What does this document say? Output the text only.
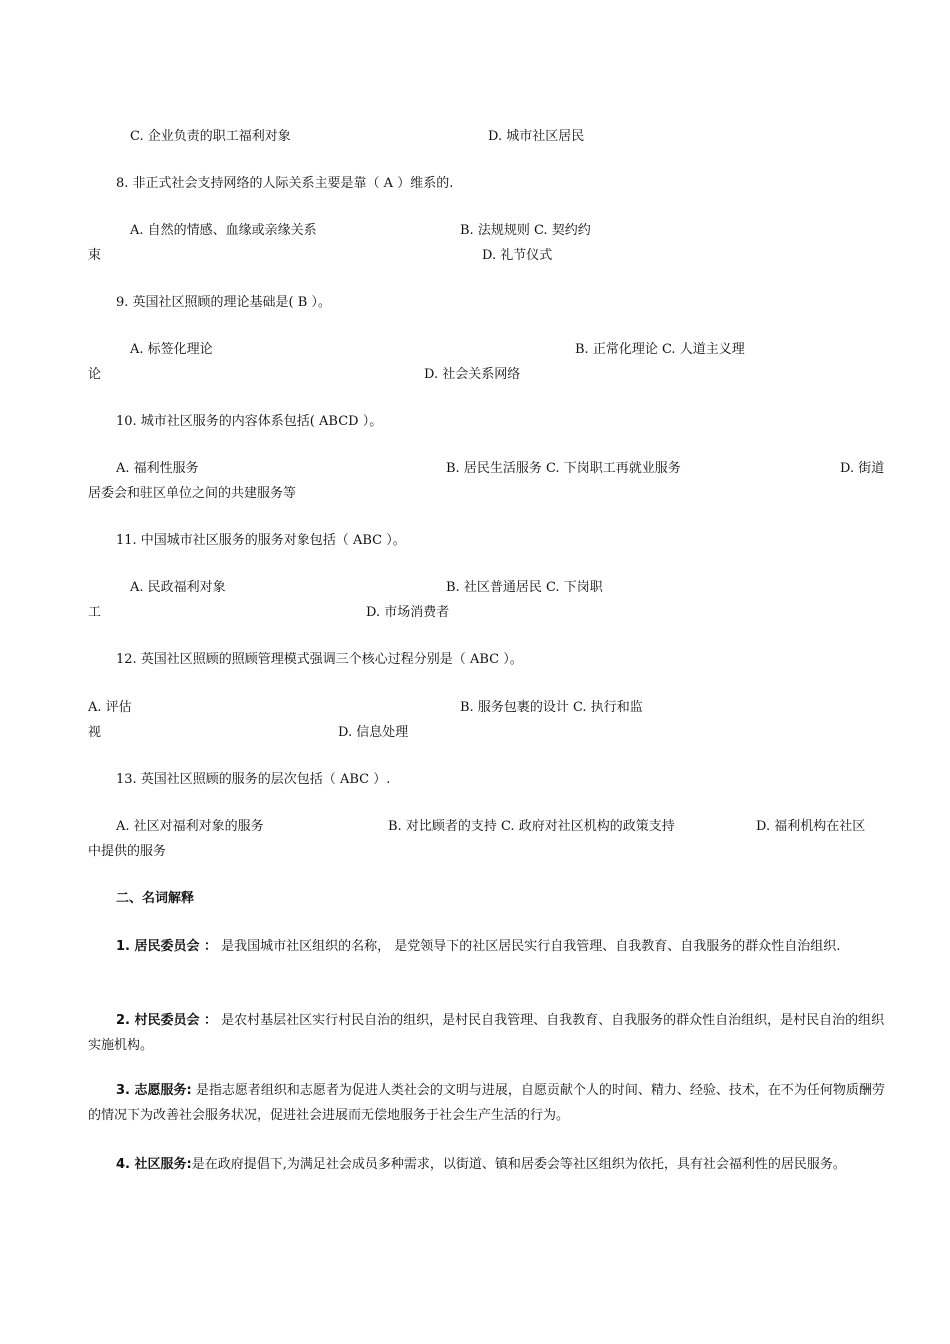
C. 企业负责的职工福利对象	D. 城市社区居民
8. 非正式社会支持网络的人际关系主要是靠（ A ）维系的.
A. 自然的情感、血缘或亲缘关系	B. 法规规则 C. 契约约
束	D. 礼节仪式
9. 英国社区照顾的理论基础是( B ）。
A. 标签化理论	B. 正常化理论 C. 人道主义理
论	D. 社会关系网络
10. 城市社区服务的内容体系包括( ABCD ）。
A. 福利性服务	B. 居民生活服务 C. 下岗职工再就业服务	D. 街道
居委会和驻区单位之间的共建服务等
11. 中国城市社区服务的服务对象包括（ ABC ）。
A. 民政福利对象	B. 社区普通居民 C. 下岗职
工	D. 市场消费者
12. 英国社区照顾的照顾管理模式强调三个核心过程分别是（ ABC ）。
A. 评估	B. 服务包裹的设计 C. 执行和监
视	D. 信息处理
13. 英国社区照顾的服务的层次包括（ ABC ）.
A. 社区对福利对象的服务	B. 对比顾者的支持 C. 政府对社区机构的政策支持	D. 福利机构在社区
中提供的服务
二、名词解释
1. 居民委员会 ： 是我国城市社区组织的名称， 是党领导下的社区居民实行自我管理、自我教育、自我服务的群众性自治组织.
2. 村民委员会 ： 是农村基层社区实行村民自治的组织，是村民自我管理、自我教育、自我服务的群众性自治组织，是村民自治的组织实施机构。
3. 志愿服务: 是指志愿者组织和志愿者为促进人类社会的文明与进展，自愿贡献个人的时间、精力、经验、技术，在不为任何物质酬劳的情况下为改善社会服务状况，促进社会进展而无偿地服务于社会生产生活的行为。
4. 社区服务:是在政府提倡下,为满足社会成员多种需求，以街道、镇和居委会等社区组织为依托，具有社会福利性的居民服务。
